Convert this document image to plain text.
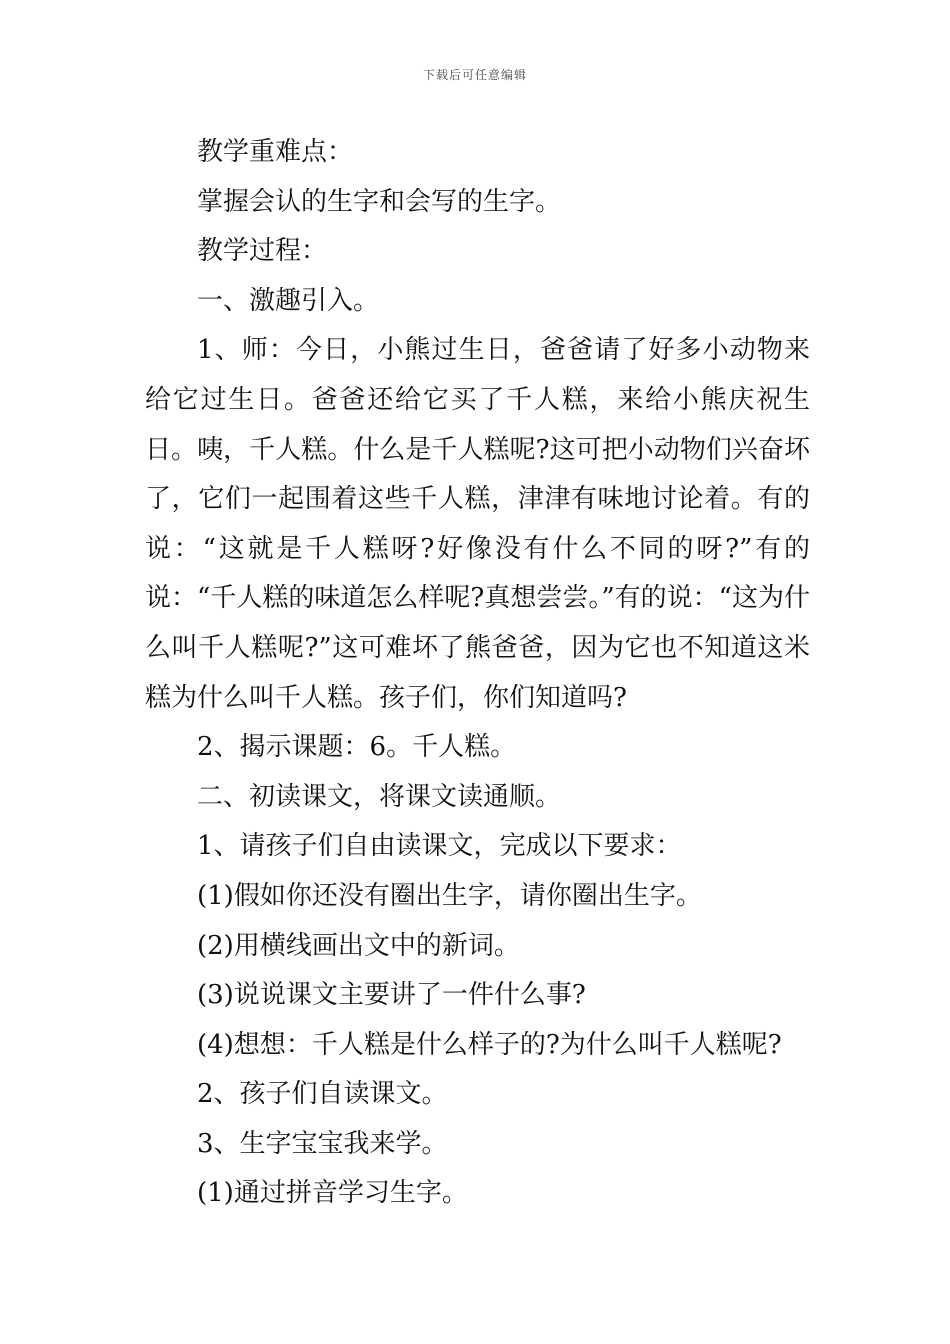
下载后可任意编辑

教学重难点：

掌握会认的生字和会写的生字。

教学过程：

一、激趣引入。

1、师：今日，小熊过生日，爸爸请了好多小动物来给它过生日。爸爸还给它买了千人糕，来给小熊庆祝生日。咦，千人糕。什么是千人糕呢?这可把小动物们兴奋坏了，它们一起围着这些千人糕，津津有味地讨论着。有的说：“这就是千人糕呀?好像没有什么不同的呀?”有的说：“千人糕的味道怎么样呢?真想尝尝。”有的说：“这为什么叫千人糕呢?”这可难坏了熊爸爸，因为它也不知道这米糕为什么叫千人糕。孩子们，你们知道吗?

2、揭示课题：6。千人糕。

二、初读课文，将课文读通顺。

1、请孩子们自由读课文，完成以下要求：

(1)假如你还没有圈出生字，请你圈出生字。

(2)用横线画出文中的新词。

(3)说说课文主要讲了一件什么事?

(4)想想：千人糕是什么样子的?为什么叫千人糕呢?

2、孩子们自读课文。

3、生字宝宝我来学。

(1)通过拼音学习生字。
